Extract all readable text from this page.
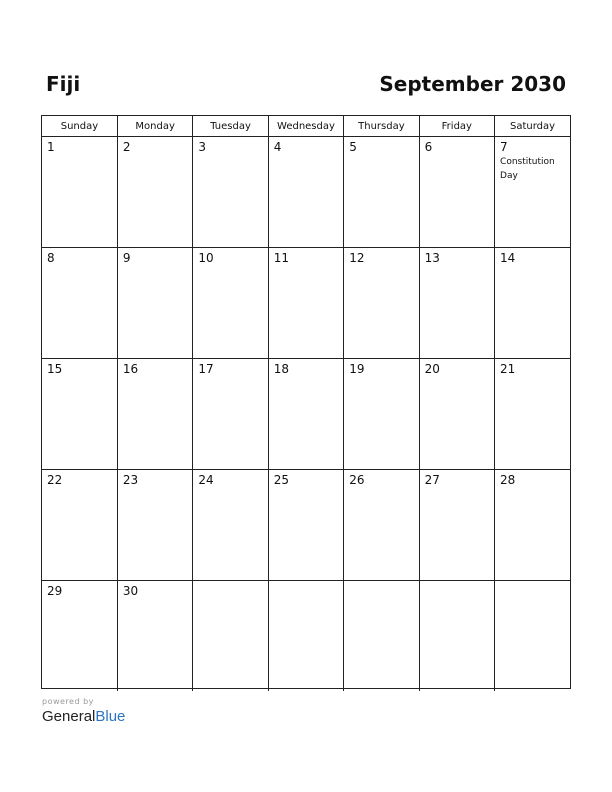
Fiji	September 2030
Sunday	Monday	Tuesday	Wednesday	Thursday	Friday	Saturday

1	2	3	4	5	6	7
Constitution Day

8	9	10	11	12	13	14

15	16	17	18	19	20	21

22	23	24	25	26	27	28

29	30					

powered by
GeneralBlue
